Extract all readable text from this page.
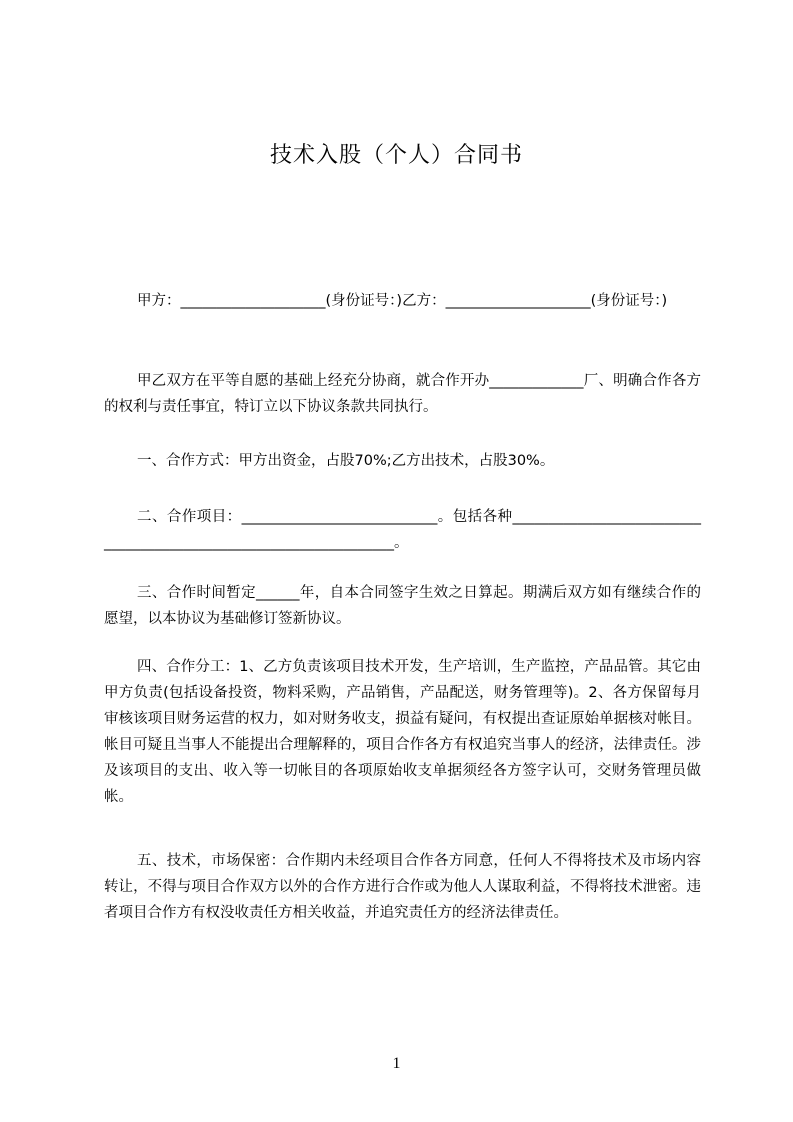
技术入股（个人）合同书
甲方：____________________(身份证号：)乙方：____________________(身份证号：)
甲乙双方在平等自愿的基础上经充分协商，就合作开办_____________厂、明确合作各方的权利与责任事宜，特订立以下协议条款共同执行。
一、合作方式：甲方出资金，占股70%;乙方出技术，占股30%。
二、合作项目：___________________________。包括各种__________________________________________________________________。
三、合作时间暂定______年，自本合同签字生效之日算起。期满后双方如有继续合作的愿望，以本协议为基础修订签新协议。
四、合作分工：1、乙方负责该项目技术开发，生产培训，生产监控，产品品管。其它由甲方负责(包括设备投资，物料采购，产品销售，产品配送，财务管理等)。2、各方保留每月审核该项目财务运营的权力，如对财务收支，损益有疑问，有权提出查证原始单据核对帐目。帐目可疑且当事人不能提出合理解释的，项目合作各方有权追究当事人的经济，法律责任。涉及该项目的支出、收入等一切帐目的各项原始收支单据须经各方签字认可，交财务管理员做帐。
五、技术，市场保密：合作期内未经项目合作各方同意，任何人不得将技术及市场内容转让，不得与项目合作双方以外的合作方进行合作或为他人人谋取利益，不得将技术泄密。违者项目合作方有权没收责任方相关收益，并追究责任方的经济法律责任。
1
